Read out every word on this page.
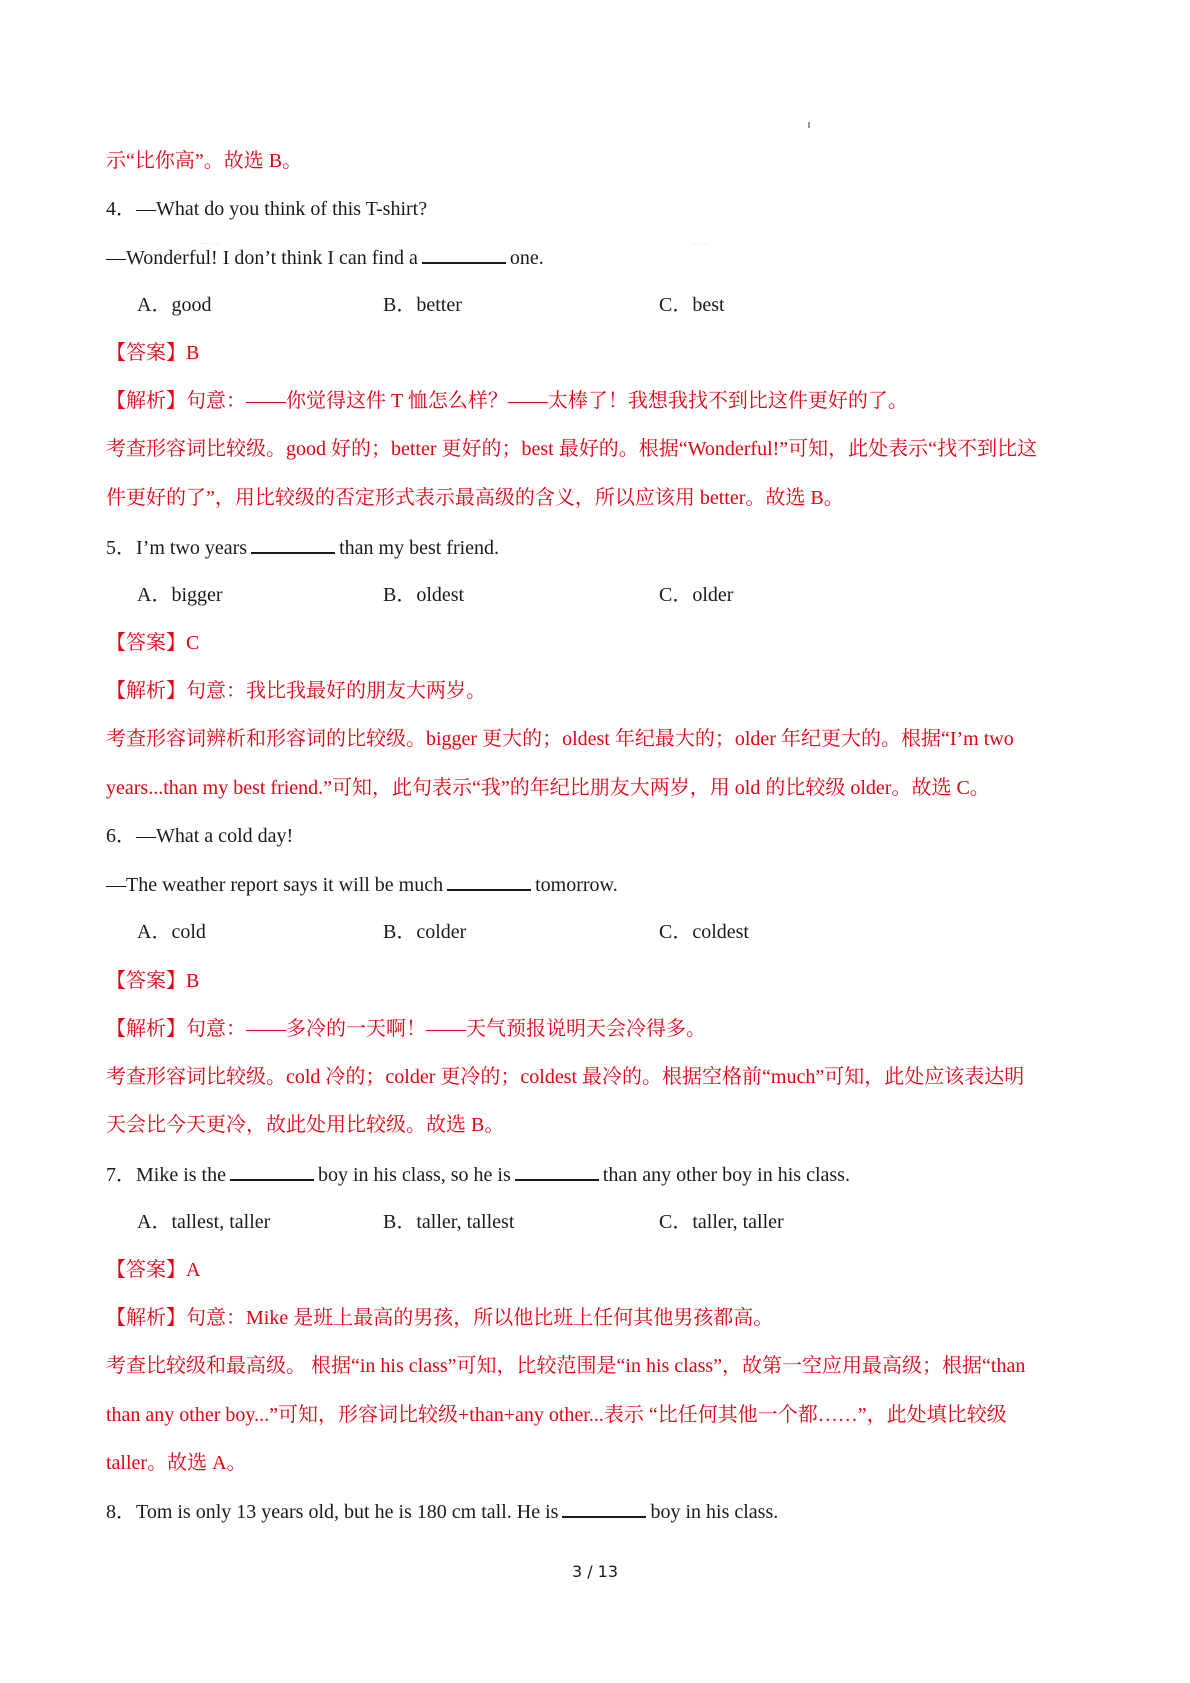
····· ···	····· ···
示“比你高”。故选 B。
4．—What do you think of this T-shirt?
—Wonderful! I don’t think I can find a	one.
A．good	B．better	C．best
【答案】B
【解析】句意：——你觉得这件 T 恤怎么样？——太棒了！我想我找不到比这件更好的了。
考查形容词比较级。good 好的；better 更好的；best 最好的。根据“Wonderful!”可知，此处表示“找不到比这
件更好的了”，用比较级的否定形式表示最高级的含义，所以应该用 better。故选 B。
5．I’m two years	than my best friend.
A．bigger	B．oldest	C．older
【答案】C
【解析】句意：我比我最好的朋友大两岁。
考查形容词辨析和形容词的比较级。bigger 更大的；oldest 年纪最大的；older 年纪更大的。根据“I’m two
years...than my best friend.”可知，此句表示“我”的年纪比朋友大两岁，用 old 的比较级 older。故选 C。
6．—What a cold day!
—The weather report says it will be much	tomorrow.
A．cold	B．colder	C．coldest
【答案】B
【解析】句意：——多冷的一天啊！——天气预报说明天会冷得多。
考查形容词比较级。cold 冷的；colder 更冷的；coldest 最冷的。根据空格前“much”可知，此处应该表达明
天会比今天更冷，故此处用比较级。故选 B。
7．Mike is the	boy in his class, so he is	than any other boy in his class.
A．tallest, taller	B．taller, tallest	C．taller, taller
【答案】A
【解析】句意：Mike 是班上最高的男孩，所以他比班上任何其他男孩都高。
考查比较级和最高级。 根据“in his class”可知，比较范围是“in his class”，故第一空应用最高级；根据“than
than any other boy...”可知，形容词比较级+than+any other...表示 “比任何其他一个都……”，此处填比较级
taller。故选 A。
8．Tom is only 13 years old, but he is 180 cm tall. He is	boy in his class.
3 / 13
